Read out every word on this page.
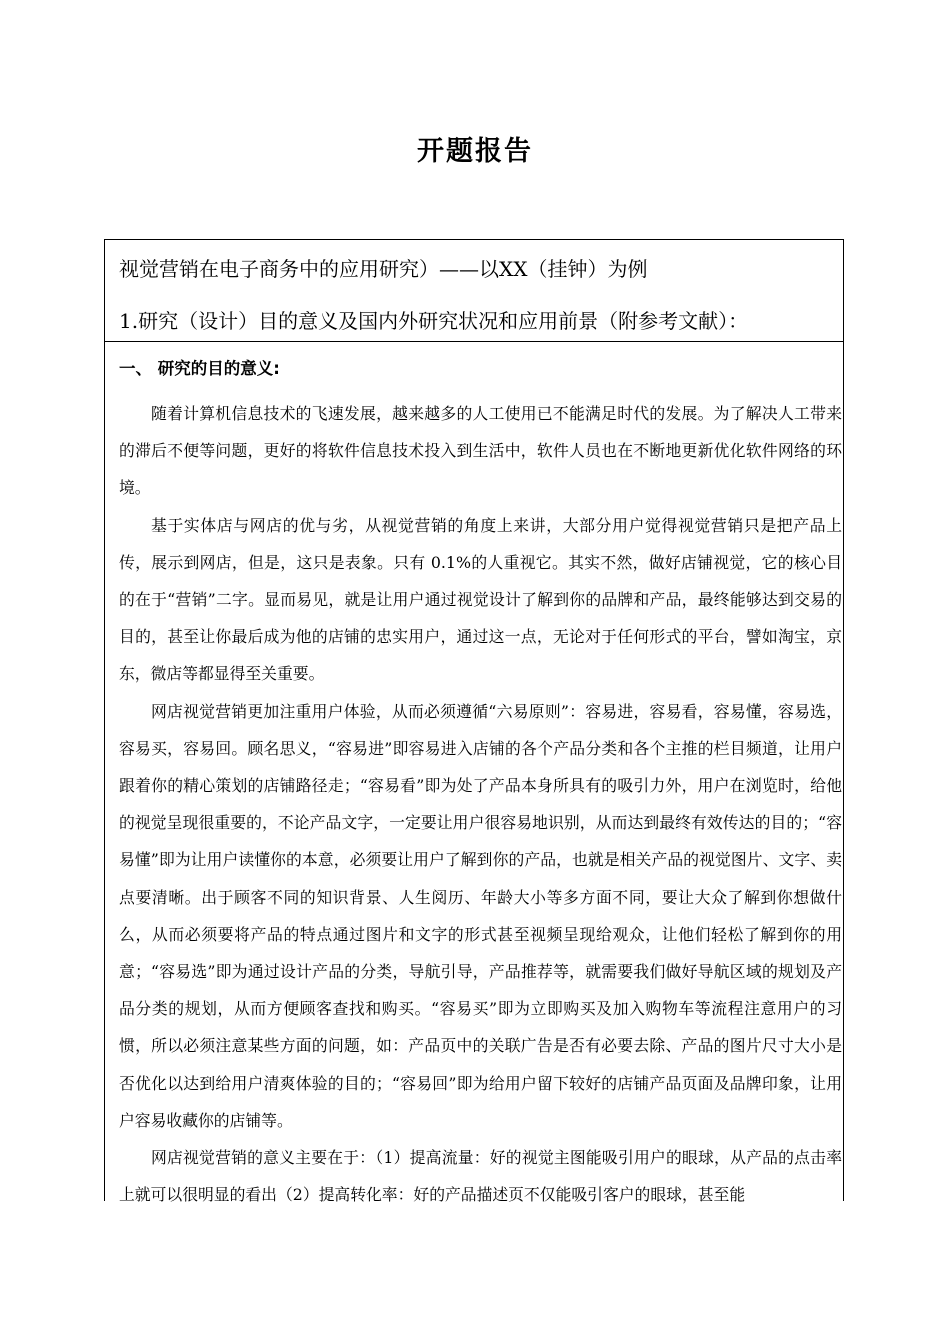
开题报告
视觉营销在电子商务中的应用研究）——以XX（挂钟）为例
1.研究（设计）目的意义及国内外研究状况和应用前景（附参考文献）：
一、 研究的目的意义:

随着计算机信息技术的飞速发展，越来越多的人工使用已不能满足时代的发展。为了解决人工带来的滞后不便等问题，更好的将软件信息技术投入到生活中，软件人员也在不断地更新优化软件网络的环境。

基于实体店与网店的优与劣，从视觉营销的角度上来讲，大部分用户觉得视觉营销只是把产品上传，展示到网店，但是，这只是表象。只有 0.1%的人重视它。其实不然，做好店铺视觉，它的核心目的在于“营销”二字。显而易见，就是让用户通过视觉设计了解到你的品牌和产品，最终能够达到交易的目的，甚至让你最后成为他的店铺的忠实用户，通过这一点，无论对于任何形式的平台，譬如淘宝，京东，微店等都显得至关重要。

网店视觉营销更加注重用户体验，从而必须遵循“六易原则”：容易进，容易看，容易懂，容易选，容易买，容易回。顾名思义，“容易进”即容易进入店铺的各个产品分类和各个主推的栏目频道，让用户跟着你的精心策划的店铺路径走；“容易看”即为处了产品本身所具有的吸引力外，用户在浏览时，给他的视觉呈现很重要的，不论产品文字，一定要让用户很容易地识别，从而达到最终有效传达的目的；“容易懂”即为让用户读懂你的本意，必须要让用户了解到你的产品，也就是相关产品的视觉图片、文字、卖点要清晰。出于顾客不同的知识背景、人生阅历、年龄大小等多方面不同，要让大众了解到你想做什么，从而必须要将产品的特点通过图片和文字的形式甚至视频呈现给观众，让他们轻松了解到你的用意；“容易选”即为通过设计产品的分类，导航引导，产品推荐等，就需要我们做好导航区域的规划及产品分类的规划，从而方便顾客查找和购买。“容易买”即为立即购买及加入购物车等流程注意用户的习惯，所以必须注意某些方面的问题，如：产品页中的关联广告是否有必要去除、产品的图片尺寸大小是否优化以达到给用户清爽体验的目的；“容易回”即为给用户留下较好的店铺产品页面及品牌印象，让用户容易收藏你的店铺等。

网店视觉营销的意义主要在于：（1）提高流量：好的视觉主图能吸引用户的眼球，从产品的点击率上就可以很明显的看出（2）提高转化率：好的产品描述页不仅能吸引客户的眼球，甚至能
